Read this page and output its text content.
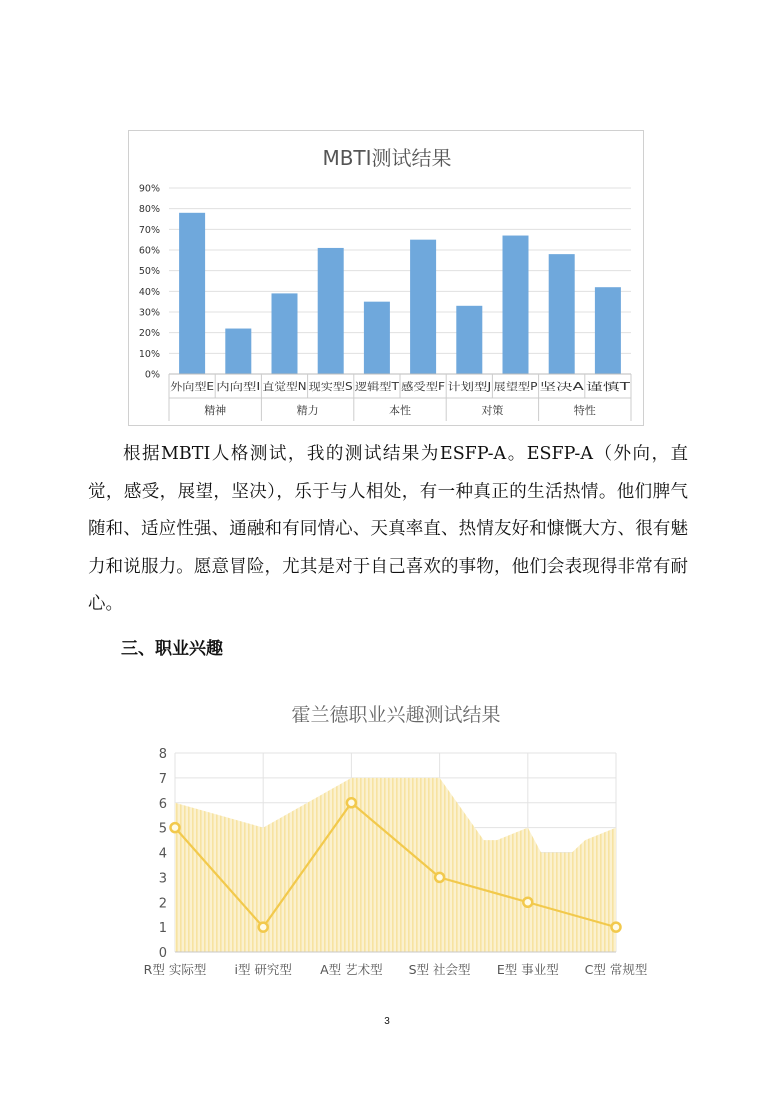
MBTI测试结果
0%
10%
20%
30%
40%
50%
60%
70%
80%
90%
外向型E 内向型I	直觉型N 现实型S 逻辑型T 感受型F 计划型J	展望型P 坚决A	谨慎T
精神	精力	本性	对策	特性

根据MBTI人格测试，我的测试结果为ESFP-A。ESFP-A（外向，直觉，感受，展望，坚决），乐于与人相处，有一种真正的生活热情。他们脾气随和、适应性强、通融和有同情心、天真率直、热情友好和慷慨大方、很有魅力和说服力。愿意冒险，尤其是对于自己喜欢的事物，他们会表现得非常有耐心。

三、职业兴趣

霍兰德职业兴趣测试结果
0
1
2
3
4
5
6
7
8
R型 实际型 i型 研究型 A型 艺术型 S型 社会型 E型 事业型 C型 常规型
3
